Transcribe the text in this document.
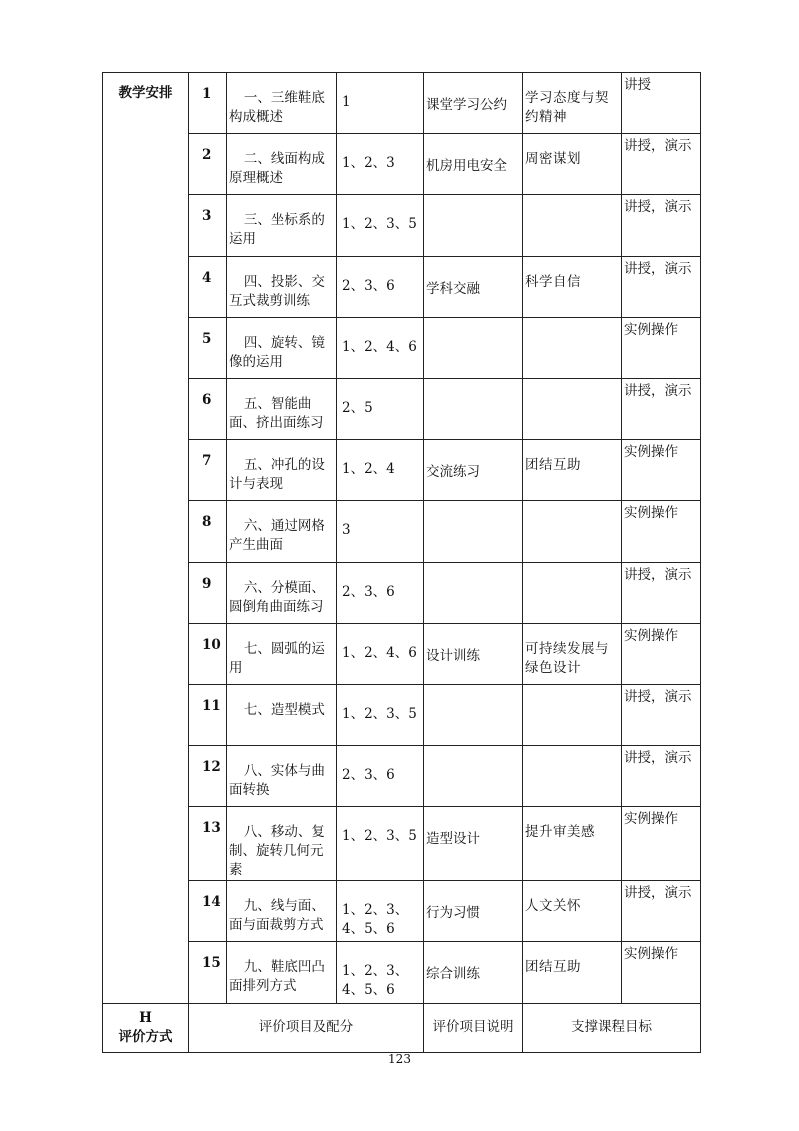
教学安排	1	一、三维鞋底构成概述	1	课堂学习公约	学习态度与契约精神	讲授
	2	二、线面构成原理概述	1、2、3	机房用电安全	周密谋划	讲授，演示
	3	三、坐标系的运用	1、2、3、5			讲授，演示
	4	四、投影、交互式裁剪训练	2、3、6	学科交融	科学自信	讲授，演示
	5	四、旋转、镜像的运用	1、2、4、6			实例操作
	6	五、智能曲面、挤出面练习	2、5			讲授，演示
	7	五、冲孔的设计与表现	1、2、4	交流练习	团结互助	实例操作
	8	六、通过网格产生曲面	3			实例操作
	9	六、分模面、圆倒角曲面练习	2、3、6			讲授，演示
	10	七、圆弧的运用	1、2、4、6	设计训练	可持续发展与绿色设计	实例操作
	11	七、造型模式	1、2、3、5			讲授，演示
	12	八、实体与曲面转换	2、3、6			讲授，演示
	13	八、移动、复制、旋转几何元素	1、2、3、5	造型设计	提升审美感	实例操作
	14	九、线与面、面与面裁剪方式	1、2、3、4、5、6	行为习惯	人文关怀	讲授，演示
	15	九、鞋底凹凸面排列方式	1、2、3、4、5、6	综合训练	团结互助	实例操作

H
评价方式	评价项目及配分			评价项目说明	支撑课程目标	
123
